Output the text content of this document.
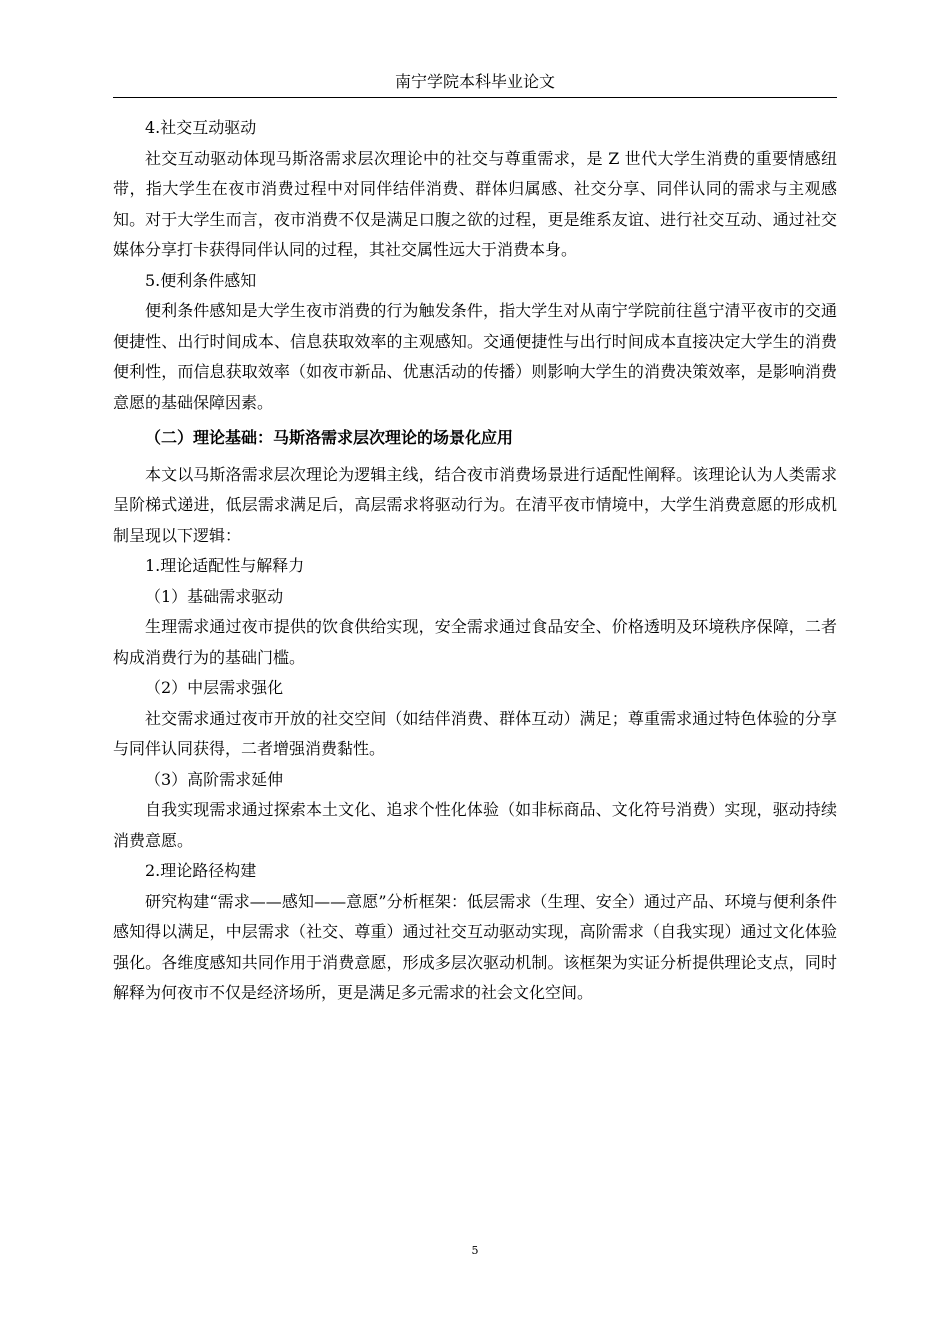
南宁学院本科毕业论文

4.社交互动驱动

社交互动驱动体现马斯洛需求层次理论中的社交与尊重需求，是 Z 世代大学生消费的重要情感纽带，指大学生在夜市消费过程中对同伴结伴消费、群体归属感、社交分享、同伴认同的需求与主观感知。对于大学生而言，夜市消费不仅是满足口腹之欲的过程，更是维系友谊、进行社交互动、通过社交媒体分享打卡获得同伴认同的过程，其社交属性远大于消费本身。

5.便利条件感知

便利条件感知是大学生夜市消费的行为触发条件，指大学生对从南宁学院前往邕宁清平夜市的交通便捷性、出行时间成本、信息获取效率的主观感知。交通便捷性与出行时间成本直接决定大学生的消费便利性，而信息获取效率（如夜市新品、优惠活动的传播）则影响大学生的消费决策效率，是影响消费意愿的基础保障因素。

（二）理论基础：马斯洛需求层次理论的场景化应用

本文以马斯洛需求层次理论为逻辑主线，结合夜市消费场景进行适配性阐释。该理论认为人类需求呈阶梯式递进，低层需求满足后，高层需求将驱动行为。在清平夜市情境中，大学生消费意愿的形成机制呈现以下逻辑：

1.理论适配性与解释力

（1）基础需求驱动

生理需求通过夜市提供的饮食供给实现，安全需求通过食品安全、价格透明及环境秩序保障，二者构成消费行为的基础门槛。

（2）中层需求强化

社交需求通过夜市开放的社交空间（如结伴消费、群体互动）满足；尊重需求通过特色体验的分享与同伴认同获得，二者增强消费黏性。

（3）高阶需求延伸

自我实现需求通过探索本土文化、追求个性化体验（如非标商品、文化符号消费）实现，驱动持续消费意愿。

2.理论路径构建

研究构建“需求——感知——意愿”分析框架：低层需求（生理、安全）通过产品、环境与便利条件感知得以满足，中层需求（社交、尊重）通过社交互动驱动实现，高阶需求（自我实现）通过文化体验强化。各维度感知共同作用于消费意愿，形成多层次驱动机制。该框架为实证分析提供理论支点，同时解释为何夜市不仅是经济场所，更是满足多元需求的社会文化空间。

5
